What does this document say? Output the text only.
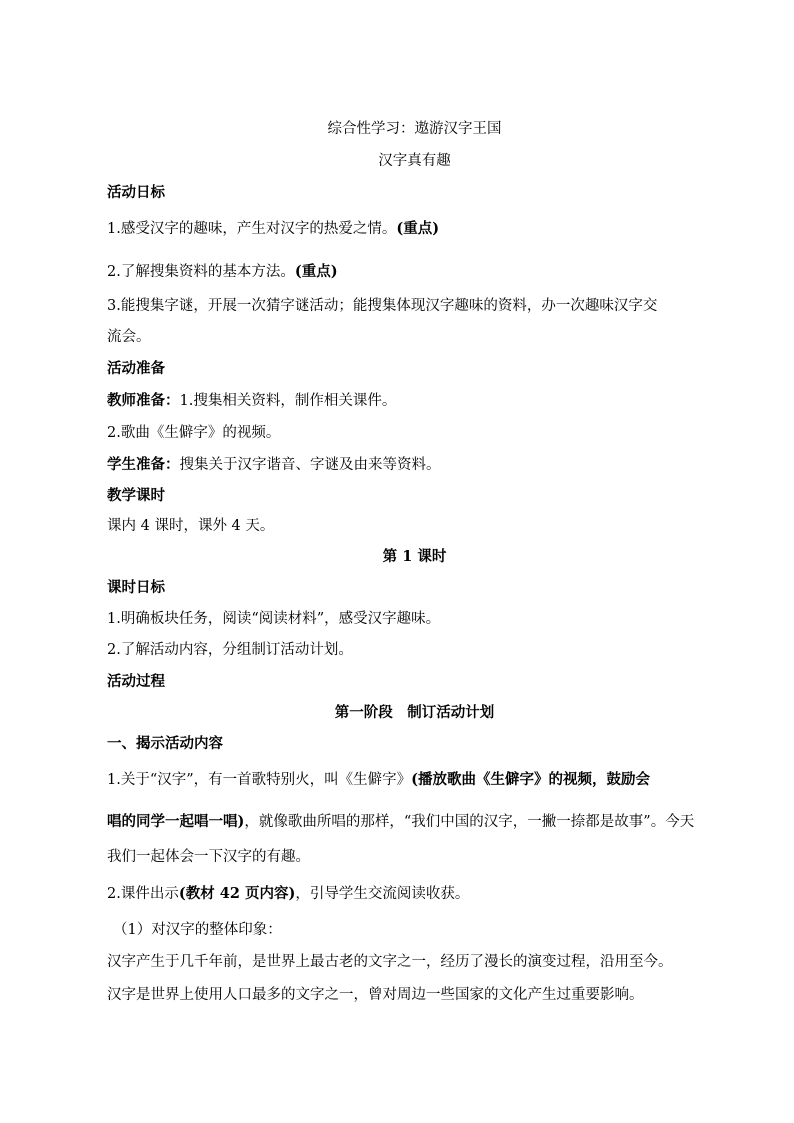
综合性学习：遨游汉字王国
汉字真有趣
活动日标
1.感受汉字的趣味，产生对汉字的热爱之情。(重点)
2.了解搜集资料的基本方法。(重点)
3.能搜集字谜，开展一次猜字谜活动；能搜集体现汉字趣味的资料，办一次趣味汉字交
流会。
活动准备
教师准备：1.搜集相关资料，制作相关课件。
2.歌曲《生僻字》的视频。
学生准备：搜集关于汉字谐音、字谜及由来等资料。
教学课时
课内 4 课时，课外 4 天。
第 1 课时
课时日标
1.明确板块任务，阅读“阅读材料”，感受汉字趣味。
2.了解活动内容，分组制订活动计划。
活动过程
第一阶段　制订活动计划
一、揭示活动内容
1.关于“汉字”，有一首歌特别火，叫《生僻字》(播放歌曲《生僻字》的视频，鼓励会
唱的同学一起唱一唱)，就像歌曲所唱的那样，“我们中国的汉字，一撇一捺都是故事”。今天
我们一起体会一下汉字的有趣。
2.课件出示(教材 42 页内容)，引导学生交流阅读收获。
（1）对汉字的整体印象：
汉字产生于几千年前，是世界上最古老的文字之一，经历了漫长的演变过程，沿用至今。
汉字是世界上使用人口最多的文字之一，曾对周边一些国家的文化产生过重要影响。
